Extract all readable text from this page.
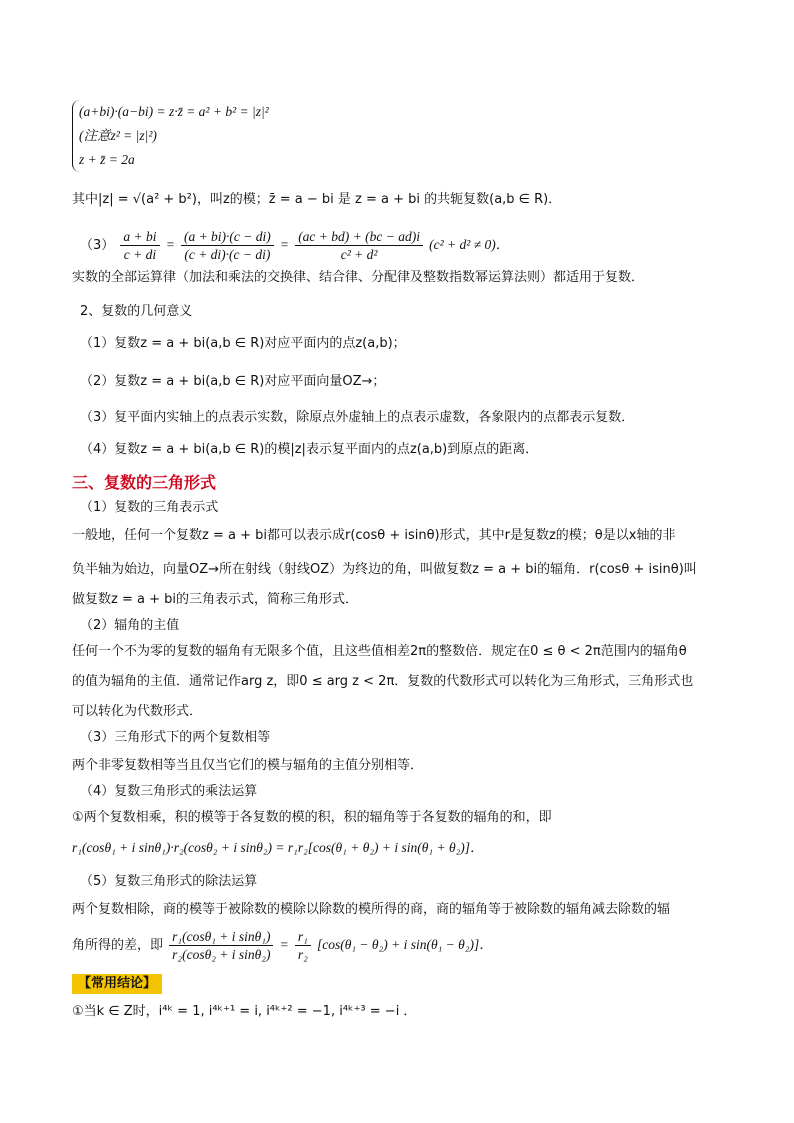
(a+bi)·(a−bi) = z·z̄ = a² + b² = |z|²
(注意z² = |z|²)
z + z̄ = 2a
其中|z| = √(a² + b²)，叫z的模；z̄ = a − bi 是 z = a + bi 的共轭复数(a,b ∈ R)．
$(3) \frac{a + bi}{c + di} = \frac{(a + bi)\cdot(c - di)}{(c + di)\cdot(c - di)} = \frac{(ac + bd) + (bc - ad)i}{\text{c² + d²}} (c^2 + d^2 \ne 0)$．
实数的全部运算律（加法和乘法的交换律、结合律、分配律及整数指数幂运算法则）都适用于复数．
2、复数的几何意义
（1）复数z = a + bi(a,b ∈ R)对应平面内的点z(a,b)；
（2）复数z = a + bi(a,b ∈ R)对应平面向量OZ→；
（3）复平面内实轴上的点表示实数，除原点外虚轴上的点表示虚数，各象限内的点都表示复数．
（4）复数z = a + bi(a,b ∈ R)的模|z|表示复平面内的点z(a,b)到原点的距离．
三、复数的三角形式
（1）复数的三角表示式
一般地，任何一个复数z = a + bi都可以表示成r(cosθ + isinθ)形式，其中r是复数z的模；θ是以x轴的非
负半轴为始边，向量OZ→所在射线（射线OZ）为终边的角，叫做复数z = a + bi的辐角．r(cosθ + isinθ)叫
做复数z = a + bi的三角表示式，简称三角形式．
（2）辐角的主值
任何一个不为零的复数的辐角有无限多个值，且这些值相差2π的整数倍．规定在0 ≤ θ < 2π范围内的辐角θ
的值为辐角的主值．通常记作arg z，即0 ≤ arg z < 2π．复数的代数形式可以转化为三角形式，三角形式也
可以转化为代数形式．
（3）三角形式下的两个复数相等
两个非零复数相等当且仅当它们的模与辐角的主值分别相等．
（4）复数三角形式的乘法运算
①两个复数相乘，积的模等于各复数的模的积，积的辐角等于各复数的辐角的和，即
r₁(cosθ₁ + i sinθ₁)·r₂(cosθ₂ + i sinθ₂) = r₁r₂[cos(θ₁ + θ₂) + i sin(θ₁ + θ₂)]．
（5）复数三角形式的除法运算
两个复数相除，商的模等于被除数的模除以除数的模所得的商，商的辐角等于被除数的辐角减去除数的辐
角所得的差，即 $\frac{\text{r₁(cosθ₁ + i sinθ₁)}}{\text{r₂(cosθ₂ + i sinθ₂)}} = \frac{\text{r₁}}{\text{r₂}} [\cos(\theta_1 - \theta_2) + i$ sin(θ₁ − θ₂)]．
【常用结论】
①当k ∈ Z时，i⁴ᵏ = 1, i⁴ᵏ⁺¹ = i, i⁴ᵏ⁺² = −1, i⁴ᵏ⁺³ = −i ．
